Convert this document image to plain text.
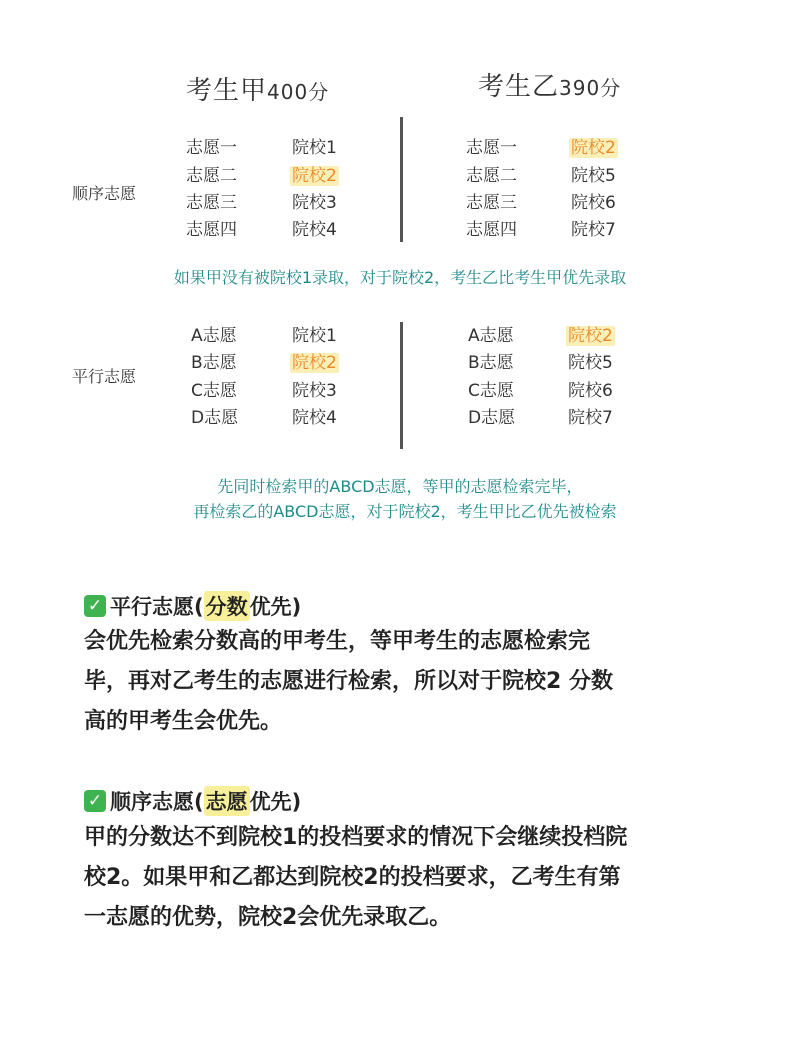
考生甲400分	考生乙390分
顺序志愿
志愿一	院校1
志愿二	院校2
志愿三	院校3
志愿四	院校4
志愿一	院校2
志愿二	院校5
志愿三	院校6
志愿四	院校7
如果甲没有被院校1录取，对于院校2，考生乙比考生甲优先录取
平行志愿
A志愿	院校1
B志愿	院校2
C志愿	院校3
D志愿	院校4
A志愿	院校2
B志愿	院校5
C志愿	院校6
D志愿	院校7
先同时检索甲的ABCD志愿，等甲的志愿检索完毕，
再检索乙的ABCD志愿，对于院校2，考生甲比乙优先被检索
✓ 平行志愿( 分数 优先)
会优先检索分数高的甲考生，等甲考生的志愿检索完
毕，再对乙考生的志愿进行检索，所以对于院校2 分数
高的甲考生会优先。
✓ 顺序志愿( 志愿 优先)
甲的分数达不到院校1的投档要求的情况下会继续投档院
校2。如果甲和乙都达到院校2的投档要求，乙考生有第
一志愿的优势，院校2会优先录取乙。
